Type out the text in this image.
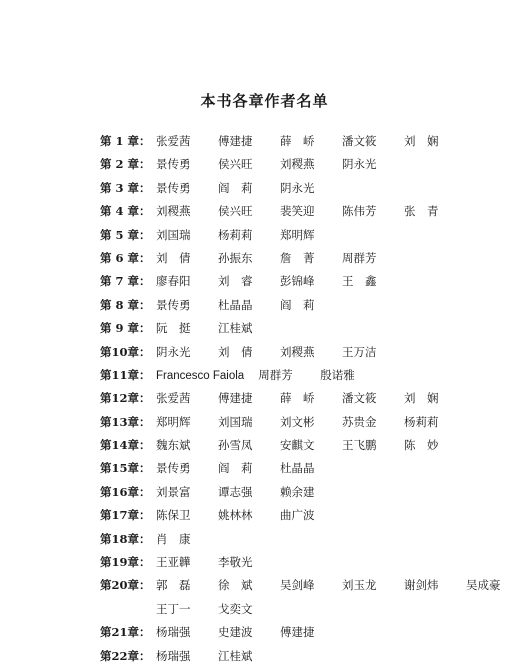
本书各章作者名单
第 1 章： 张爱茜 傅建捷 薛　峤 潘文筱 刘　娴
第 2 章： 景传勇 侯兴旺 刘稷燕 阴永光
第 3 章： 景传勇 阎　莉 阴永光
第 4 章： 刘稷燕 侯兴旺 裴笑迎 陈伟芳 张　青
第 5 章： 刘国瑞 杨莉莉 郑明辉
第 6 章： 刘　倩 孙振东 詹　菁 周群芳
第 7 章： 廖春阳 刘　睿 彭锦峰 王　鑫
第 8 章： 景传勇 杜晶晶 阎　莉
第 9 章： 阮　挺 江桂斌
第10章： 阴永光 刘　倩 刘稷燕 王万洁
第11章： Francesco Faiola 周群芳 殷诺雅
第12章： 张爱茜 傅建捷 薛　峤 潘文筱 刘　娴
第13章： 郑明辉 刘国瑞 刘文彬 苏贵金 杨莉莉
第14章： 魏东斌 孙雪凤 安麒文 王飞鹏 陈　妙
第15章： 景传勇 阎　莉 杜晶晶
第16章： 刘景富 谭志强 赖余建
第17章： 陈保卫 姚林林 曲广波
第18章： 肖　康
第19章： 王亚韡 李敬光
第20章： 郭　磊 徐　斌 吴剑峰 刘玉龙 谢剑炜 吴成豪
王丁一 戈奕文
第21章： 杨瑞强 史建波 傅建捷
第22章： 杨瑞强 江桂斌
